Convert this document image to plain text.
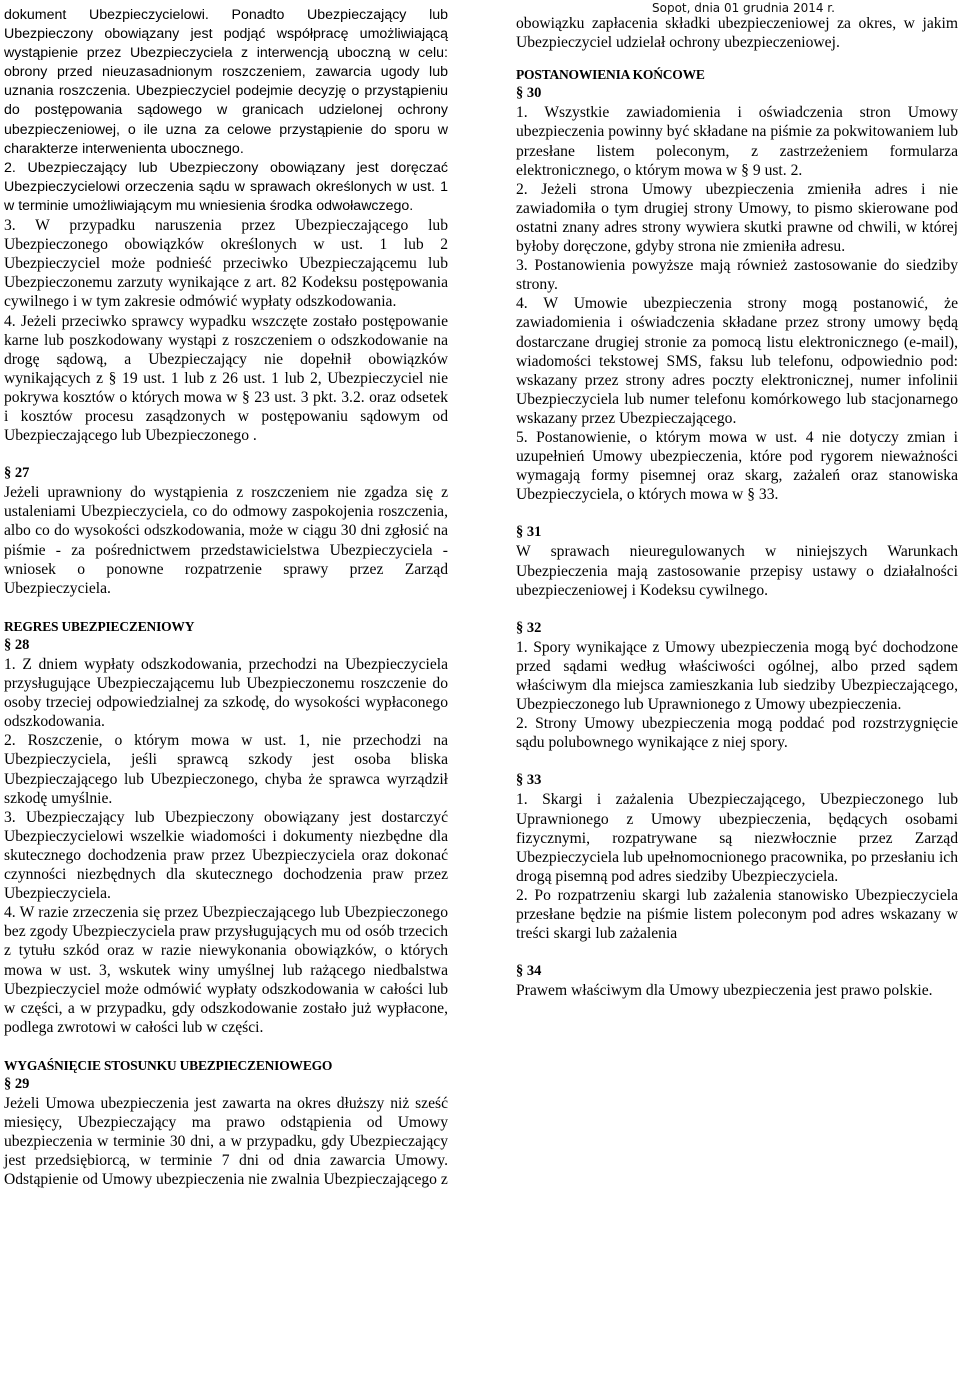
Sopot, dnia 01 grudnia 2014 r.

dokument Ubezpieczycielowi. Ponadto Ubezpieczający lub Ubezpieczony obowiązany jest podjąć współpracę umożliwiającą wystąpienie przez Ubezpieczyciela z interwencją uboczną w celu: obrony przed nieuzasadnionym roszczeniem, zawarcia ugody lub uznania roszczenia. Ubezpieczyciel podejmie decyzję o przystąpieniu do postępowania sądowego w granicach udzielonej ochrony ubezpieczeniowej, o ile uzna za celowe przystąpienie do sporu w charakterze interwenienta ubocznego.

2. Ubezpieczający lub Ubezpieczony obowiązany jest doręczać Ubezpieczycielowi orzeczenia sądu w sprawach określonych w ust. 1 w terminie umożliwiającym mu wniesienia środka odwoławczego.

3. W przypadku naruszenia przez Ubezpieczającego lub Ubezpieczonego obowiązków określonych w ust. 1 lub 2 Ubezpieczyciel może podnieść przeciwko Ubezpieczającemu lub Ubezpieczonemu zarzuty wynikające z art. 82 Kodeksu postępowania cywilnego i w tym zakresie odmówić wypłaty odszkodowania.

4. Jeżeli przeciwko sprawcy wypadku wszczęte zostało postępowanie karne lub poszkodowany wystąpi z roszczeniem o odszkodowanie na drogę sądową, a Ubezpieczający nie dopełnił obowiązków wynikających z § 19 ust. 1 lub z 26 ust. 1 lub 2, Ubezpieczyciel nie pokrywa kosztów o których mowa w § 23 ust. 3 pkt. 3.2. oraz odsetek i kosztów procesu zasądzonych w postępowaniu sądowym od Ubezpieczającego lub Ubezpieczonego .

§ 27

Jeżeli uprawniony do wystąpienia z roszczeniem nie zgadza się z ustaleniami Ubezpieczyciela, co do odmowy zaspokojenia roszczenia, albo co do wysokości odszkodowania, może w ciągu 30 dni zgłosić na piśmie - za pośrednictwem przedstawicielstwa Ubezpieczyciela - wniosek o ponowne rozpatrzenie sprawy przez Zarząd Ubezpieczyciela.

REGRES UBEZPIECZENIOWY

§ 28

1. Z dniem wypłaty odszkodowania, przechodzi na Ubezpieczyciela przysługujące Ubezpieczającemu lub Ubezpieczonemu roszczenie do osoby trzeciej odpowiedzialnej za szkodę, do wysokości wypłaconego odszkodowania.

2. Roszczenie, o którym mowa w ust. 1, nie przechodzi na Ubezpieczyciela, jeśli sprawcą szkody jest osoba bliska Ubezpieczającego lub Ubezpieczonego, chyba że sprawca wyrządził szkodę umyślnie.

3. Ubezpieczający lub Ubezpieczony obowiązany jest dostarczyć Ubezpieczycielowi wszelkie wiadomości i dokumenty niezbędne dla skutecznego dochodzenia praw przez Ubezpieczyciela oraz dokonać czynności niezbędnych dla skutecznego dochodzenia praw przez Ubezpieczyciela.

4. W razie zrzeczenia się przez Ubezpieczającego lub Ubezpieczonego bez zgody Ubezpieczyciela praw przysługujących mu od osób trzecich z tytułu szkód oraz w razie niewykonania obowiązków, o których mowa w ust. 3, wskutek winy umyślnej lub rażącego niedbalstwa Ubezpieczyciel może odmówić wypłaty odszkodowania w całości lub w części, a w przypadku, gdy odszkodowanie zostało już wypłacone, podlega zwrotowi w całości lub w części.

WYGAŚNIĘCIE STOSUNKU UBEZPIECZENIOWEGO

§ 29

Jeżeli Umowa ubezpieczenia jest zawarta na okres dłuższy niż sześć miesięcy, Ubezpieczający ma prawo odstąpienia od Umowy ubezpieczenia w terminie 30 dni, a w przypadku, gdy Ubezpieczający jest przedsiębiorcą, w terminie 7 dni od dnia zawarcia Umowy. Odstąpienie od Umowy ubezpieczenia nie zwalnia Ubezpieczającego z

obowiązku zapłacenia składki ubezpieczeniowej za okres, w jakim Ubezpieczyciel udzielał ochrony ubezpieczeniowej.

POSTANOWIENIA KOŃCOWE

§ 30

1. Wszystkie zawiadomienia i oświadczenia stron Umowy ubezpieczenia powinny być składane na piśmie za pokwitowaniem lub przesłane listem poleconym, z zastrzeżeniem formularza elektronicznego, o którym mowa w § 9 ust. 2.

2. Jeżeli strona Umowy ubezpieczenia zmieniła adres i nie zawiadomiła o tym drugiej strony Umowy, to pismo skierowane pod ostatni znany adres strony wywiera skutki prawne od chwili, w której byłoby doręczone, gdyby strona nie zmieniła adresu.

3. Postanowienia powyższe mają również zastosowanie do siedziby strony.

4. W Umowie ubezpieczenia strony mogą postanowić, że zawiadomienia i oświadczenia składane przez strony umowy będą dostarczane drugiej stronie za pomocą listu elektronicznego (e-mail), wiadomości tekstowej SMS, faksu lub telefonu, odpowiednio pod: wskazany przez strony adres poczty elektronicznej, numer infolinii Ubezpieczyciela lub numer telefonu komórkowego lub stacjonarnego wskazany przez Ubezpieczającego.

5. Postanowienie, o którym mowa w ust. 4 nie dotyczy zmian i uzupełnień Umowy ubezpieczenia, które pod rygorem nieważności wymagają formy pisemnej oraz skarg, zażaleń oraz stanowiska Ubezpieczyciela, o których mowa w § 33.

§ 31

W sprawach nieuregulowanych w niniejszych Warunkach Ubezpieczenia mają zastosowanie przepisy ustawy o działalności ubezpieczeniowej i Kodeksu cywilnego.

§ 32

1. Spory wynikające z Umowy ubezpieczenia mogą być dochodzone przed sądami według właściwości ogólnej, albo przed sądem właściwym dla miejsca zamieszkania lub siedziby Ubezpieczającego, Ubezpieczonego lub Uprawnionego z Umowy ubezpieczenia.

2. Strony Umowy ubezpieczenia mogą poddać pod rozstrzygnięcie sądu polubownego wynikające z niej spory.

§ 33

1. Skargi i zażalenia Ubezpieczającego, Ubezpieczonego lub Uprawnionego z Umowy ubezpieczenia, będących osobami fizycznymi, rozpatrywane są niezwłocznie przez Zarząd Ubezpieczyciela lub upełnomocnionego pracownika, po przesłaniu ich drogą pisemną pod adres siedziby Ubezpieczyciela.

2. Po rozpatrzeniu skargi lub zażalenia stanowisko Ubezpieczyciela przesłane będzie na piśmie listem poleconym pod adres wskazany w treści skargi lub zażalenia

§ 34

Prawem właściwym dla Umowy ubezpieczenia jest prawo polskie.
